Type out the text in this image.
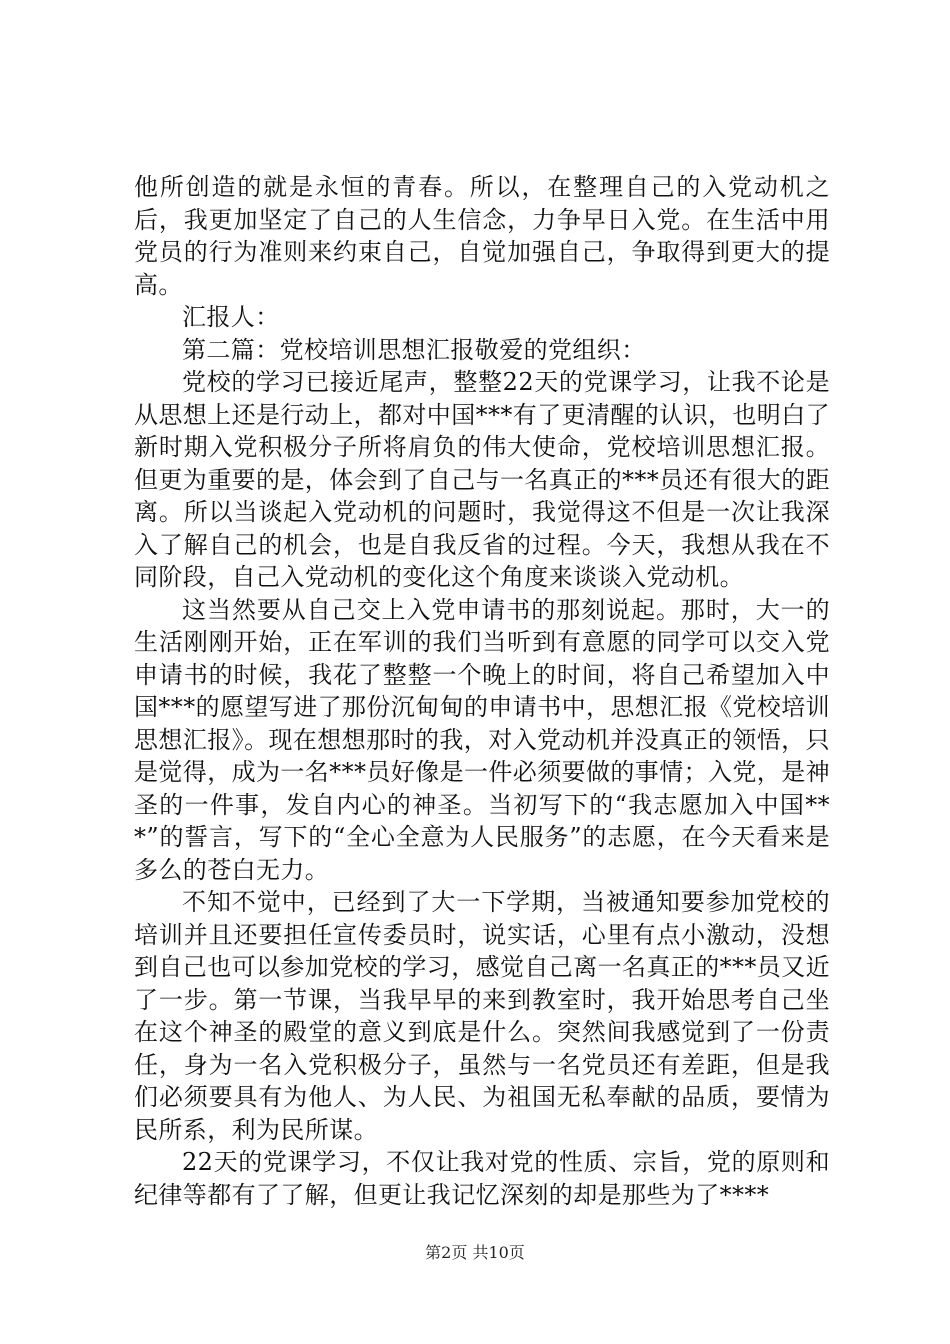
他所创造的就是永恒的青春。所以，在整理自己的入党动机之后，我更加坚定了自己的人生信念，力争早日入党。在生活中用党员的行为准则来约束自己，自觉加强自己，争取得到更大的提高。

汇报人：

第二篇：党校培训思想汇报敬爱的党组织：

党校的学习已接近尾声，整整22天的党课学习，让我不论是从思想上还是行动上，都对中国***有了更清醒的认识，也明白了新时期入党积极分子所将肩负的伟大使命，党校培训思想汇报。但更为重要的是，体会到了自己与一名真正的***员还有很大的距离。所以当谈起入党动机的问题时，我觉得这不但是一次让我深入了解自己的机会，也是自我反省的过程。今天，我想从我在不同阶段，自己入党动机的变化这个角度来谈谈入党动机。

这当然要从自己交上入党申请书的那刻说起。那时，大一的生活刚刚开始，正在军训的我们当听到有意愿的同学可以交入党申请书的时候，我花了整整一个晚上的时间，将自己希望加入中国***的愿望写进了那份沉甸甸的申请书中，思想汇报《党校培训思想汇报》。现在想想那时的我，对入党动机并没真正的领悟，只是觉得，成为一名***员好像是一件必须要做的事情；入党，是神圣的一件事，发自内心的神圣。当初写下的“我志愿加入中国***”的誓言，写下的“全心全意为人民服务”的志愿，在今天看来是多么的苍白无力。

不知不觉中，已经到了大一下学期，当被通知要参加党校的培训并且还要担任宣传委员时，说实话，心里有点小激动，没想到自己也可以参加党校的学习，感觉自己离一名真正的***员又近了一步。第一节课，当我早早的来到教室时，我开始思考自己坐在这个神圣的殿堂的意义到底是什么。突然间我感觉到了一份责任，身为一名入党积极分子，虽然与一名党员还有差距，但是我们必须要具有为他人、为人民、为祖国无私奉献的品质，要情为民所系，利为民所谋。

22天的党课学习，不仅让我对党的性质、宗旨，党的原则和纪律等都有了了解，但更让我记忆深刻的却是那些为了****

第2页 共10页
